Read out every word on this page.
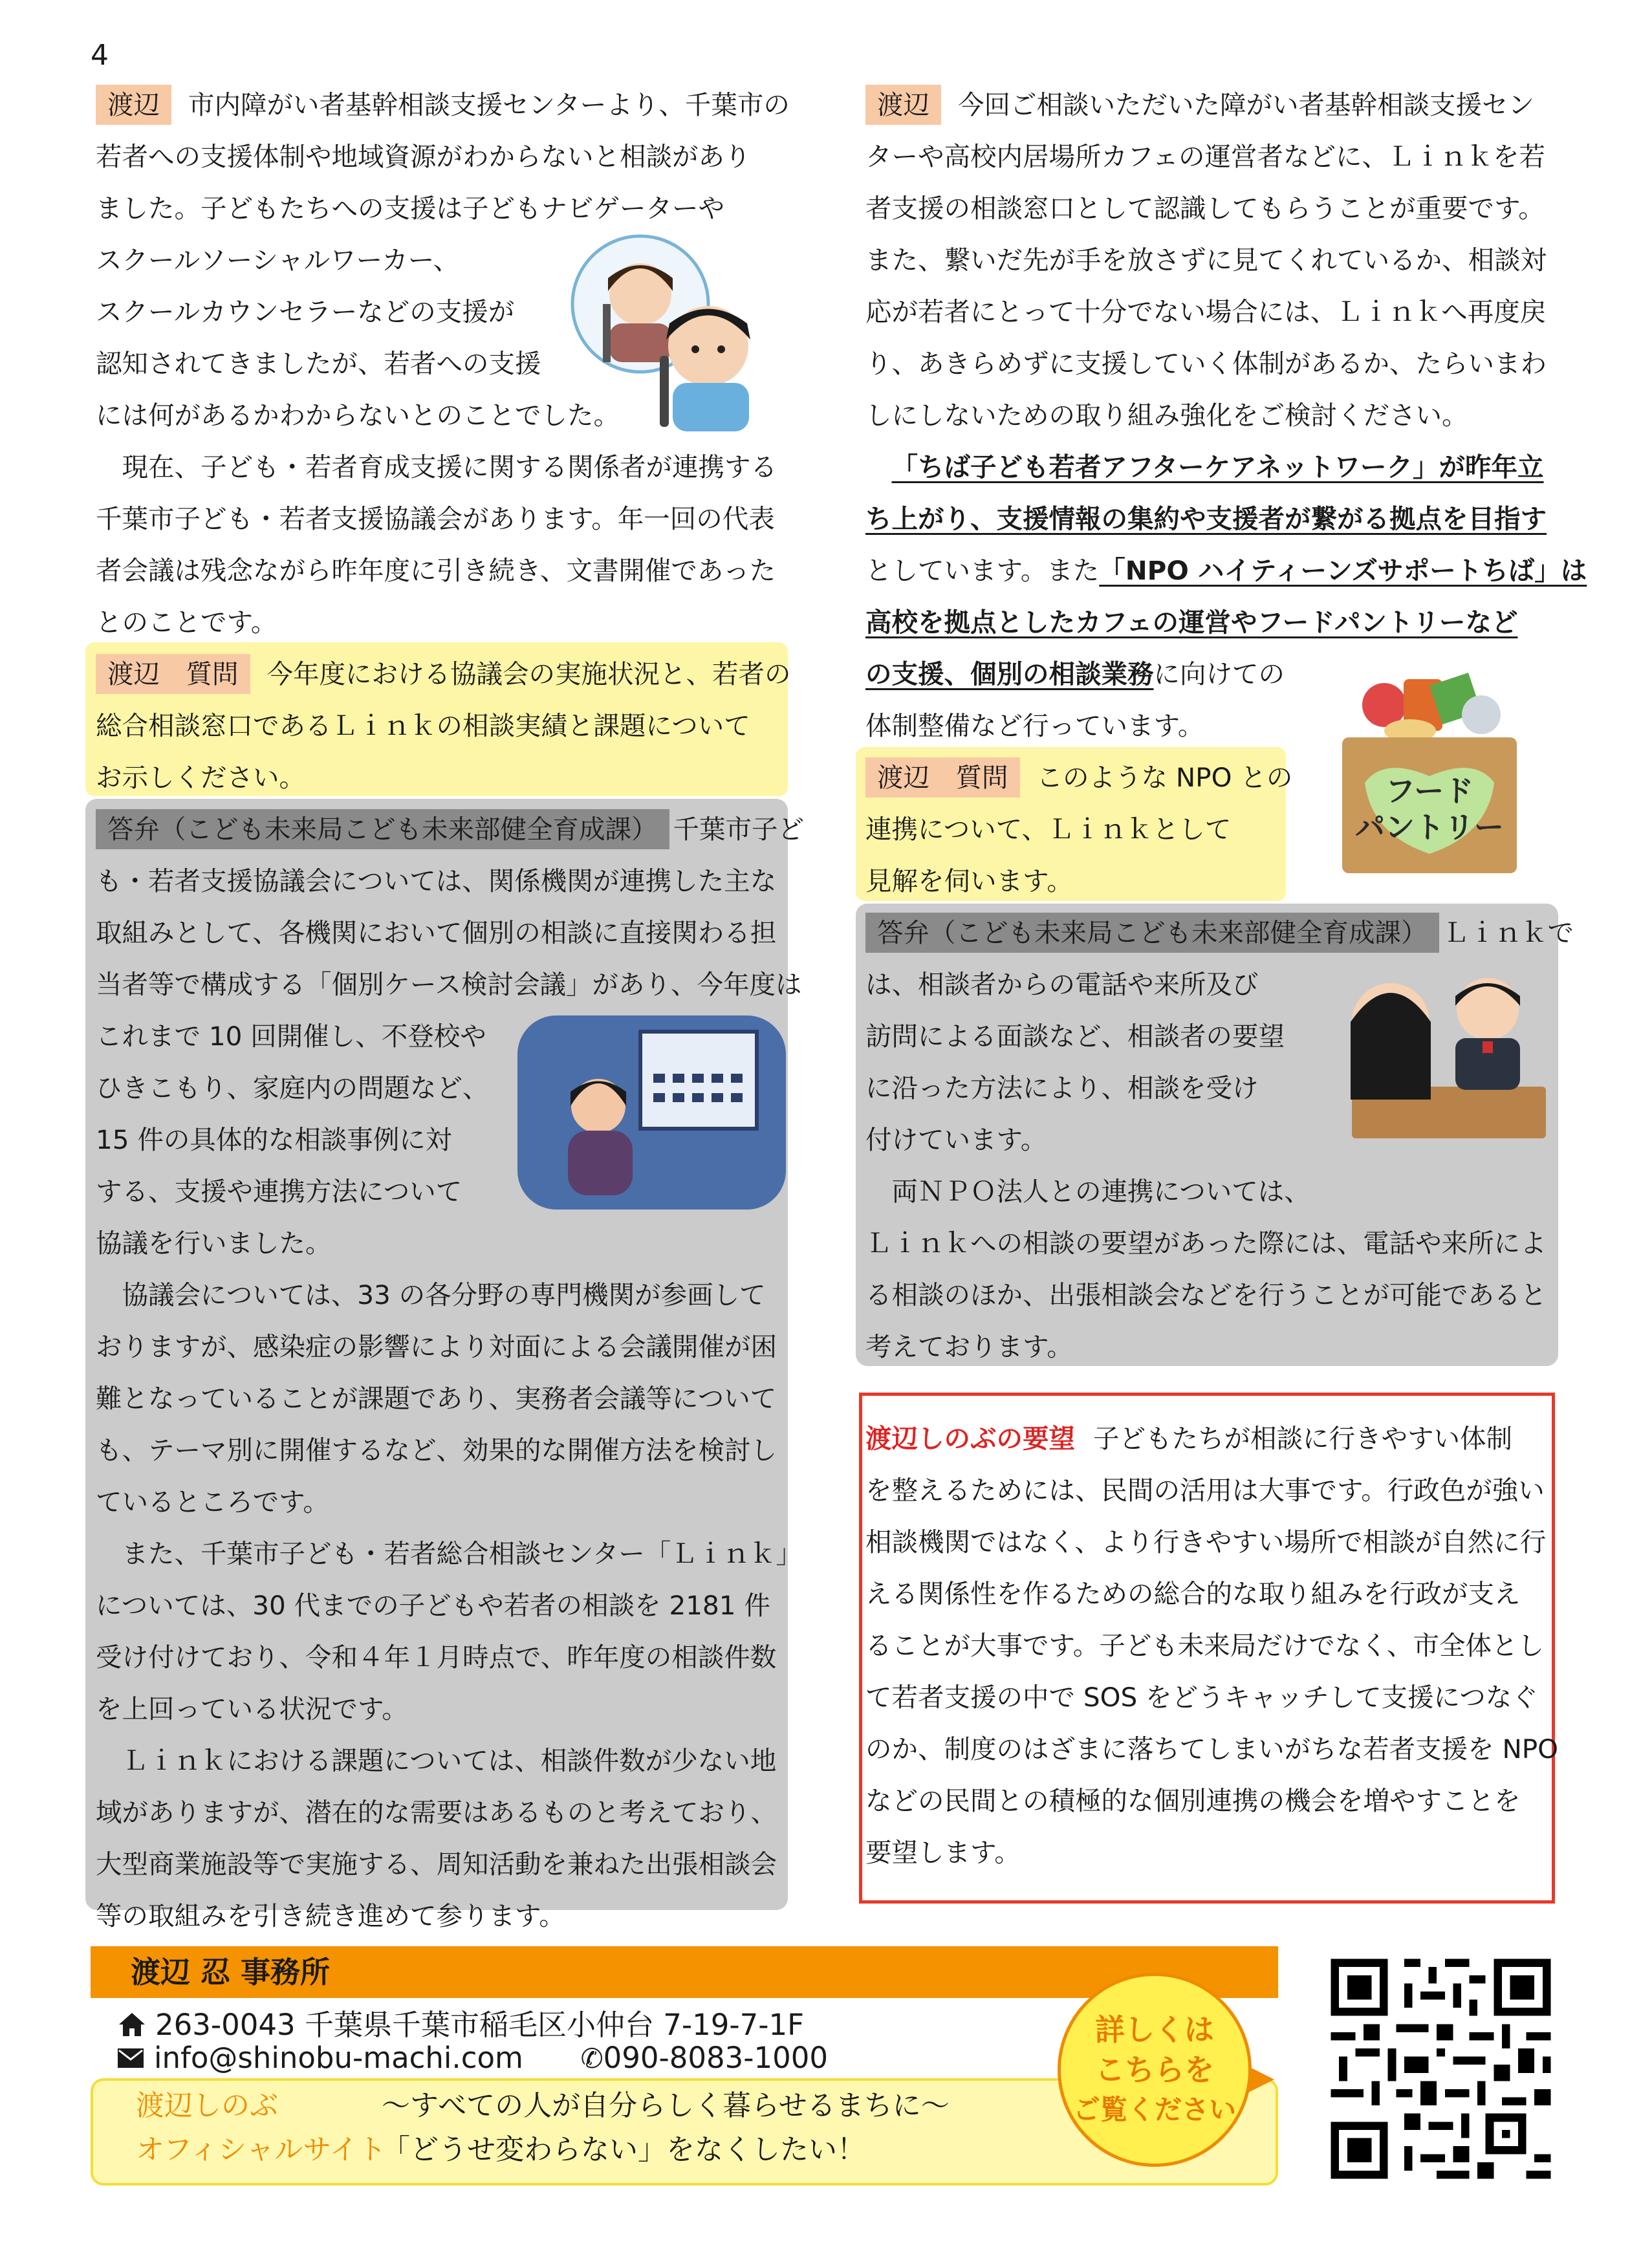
4
渡辺 市内障がい者基幹相談支援センターより、千葉市の
若者への支援体制や地域資源がわからないと相談があり
ました。子どもたちへの支援は子どもナビゲーターや
スクールソーシャルワーカー、
スクールカウンセラーなどの支援が
認知されてきましたが、若者への支援
には何があるかわからないとのことでした。
現在、子ども・若者育成支援に関する関係者が連携する
千葉市子ども・若者支援協議会があります。年一回の代表
者会議は残念ながら昨年度に引き続き、文書開催であった
とのことです。
渡辺　質問 今年度における協議会の実施状況と、若者の
総合相談窓口であるＬｉｎｋの相談実績と課題について
お示しください。
答弁（こども未来局こども未来部健全育成課） 千葉市子ど
も・若者支援協議会については、関係機関が連携した主な
取組みとして、各機関において個別の相談に直接関わる担
当者等で構成する「個別ケース検討会議」があり、今年度は
これまで 10 回開催し、不登校や
ひきこもり、家庭内の問題など、
15 件の具体的な相談事例に対
する、支援や連携方法について
協議を行いました。
協議会については、33 の各分野の専門機関が参画して
おりますが、感染症の影響により対面による会議開催が困
難となっていることが課題であり、実務者会議等について
も、テーマ別に開催するなど、効果的な開催方法を検討し
ているところです。
また、千葉市子ども・若者総合相談センター「Ｌｉｎｋ」
については、30 代までの子どもや若者の相談を 2181 件
受け付けており、令和４年１月時点で、昨年度の相談件数
を上回っている状況です。
Ｌｉｎｋにおける課題については、相談件数が少ない地
域がありますが、潜在的な需要はあるものと考えており、
大型商業施設等で実施する、周知活動を兼ねた出張相談会
等の取組みを引き続き進めて参ります。
渡辺 今回ご相談いただいた障がい者基幹相談支援セン
ターや高校内居場所カフェの運営者などに、Ｌｉｎｋを若
者支援の相談窓口として認識してもらうことが重要です。
また、繋いだ先が手を放さずに見てくれているか、相談対
応が若者にとって十分でない場合には、Ｌｉｎｋへ再度戻
り、あきらめずに支援していく体制があるか、たらいまわ
しにしないための取り組み強化をご検討ください。
「ちば子ども若者アフターケアネットワーク」が昨年立
ち上がり、支援情報の集約や支援者が繋がる拠点を目指す
としています。また「NPO ハイティーンズサポートちば」は
高校を拠点としたカフェの運営やフードパントリーなど
の支援、個別の相談業務に向けての
体制整備など行っています。
渡辺　質問 このような NPO との
連携について、Ｌｉｎｋとして
見解を伺います。
答弁（こども未来局こども未来部健全育成課） Ｌｉｎｋで
は、相談者からの電話や来所及び
訪問による面談など、相談者の要望
に沿った方法により、相談を受け
付けています。
両ＮＰＯ法人との連携については、
Ｌｉｎｋへの相談の要望があった際には、電話や来所によ
る相談のほか、出張相談会などを行うことが可能であると
考えております。
フード
パントリー
渡辺しのぶの要望 子どもたちが相談に行きやすい体制
を整えるためには、民間の活用は大事です。行政色が強い
相談機関ではなく、より行きやすい場所で相談が自然に行
える関係性を作るための総合的な取り組みを行政が支え
ることが大事です。子ども未来局だけでなく、市全体とし
て若者支援の中で SOS をどうキャッチして支援につなぐ
のか、制度のはざまに落ちてしまいがちな若者支援を NPO
などの民間との積極的な個別連携の機会を増やすことを
要望します。
渡辺 忍 事務所
263-0043 千葉県千葉市稲毛区小仲台 7-19-7-1F
info@shinobu-machi.com ✆090-8083-1000
渡辺しのぶ
オフィシャルサイト
～すべての人が自分らしく暮らせるまちに～
「どうせ変わらない」をなくしたい！
詳しくは
こちらを
ご覧ください
